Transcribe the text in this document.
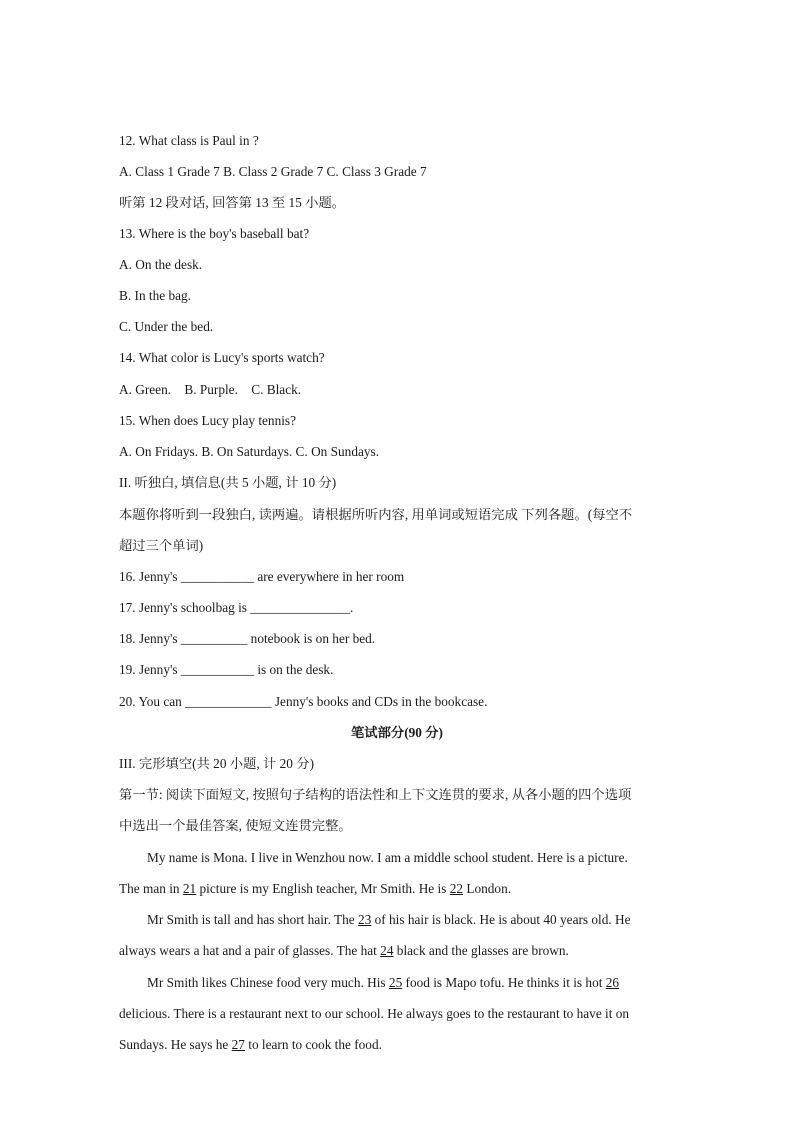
12. What class is Paul in ?
A. Class 1 Grade 7 B. Class 2 Grade 7 C. Class 3 Grade 7
听第 12 段对话, 回答第 13 至 15 小题。
13. Where is the boy's baseball bat?
A. On the desk.
B. In the bag.
C. Under the bed.
14. What color is Lucy's sports watch?
A. Green.    B. Purple.    C. Black.
15. When does Lucy play tennis?
A. On Fridays. B. On Saturdays. C. On Sundays.
II. 听独白, 填信息(共 5 小题, 计 10 分)
本题你将听到一段独白, 读两遍。请根据所听内容, 用单词或短语完成 下列各题。(每空不
超过三个单词)
16. Jenny's ___________ are everywhere in her room
17. Jenny's schoolbag is _______________.
18. Jenny's __________ notebook is on her bed.
19. Jenny's ___________ is on the desk.
20. You can _____________ Jenny's books and CDs in the bookcase.
笔试部分(90 分)
III. 完形填空(共 20 小题, 计 20 分)
第一节: 阅读下面短文, 按照句子结构的语法性和上下文连贯的要求, 从各小题的四个选项
中选出一个最佳答案, 使短文连贯完整。
My name is Mona. I live in Wenzhou now. I am a middle school student. Here is a picture.
The man in 21 picture is my English teacher, Mr Smith. He is 22 London.
Mr Smith is tall and has short hair. The 23 of his hair is black. He is about 40 years old. He
always wears a hat and a pair of glasses. The hat 24 black and the glasses are brown.
Mr Smith likes Chinese food very much. His 25 food is Mapo tofu. He thinks it is hot 26
delicious. There is a restaurant next to our school. He always goes to the restaurant to have it on
Sundays. He says he 27 to learn to cook the food.
